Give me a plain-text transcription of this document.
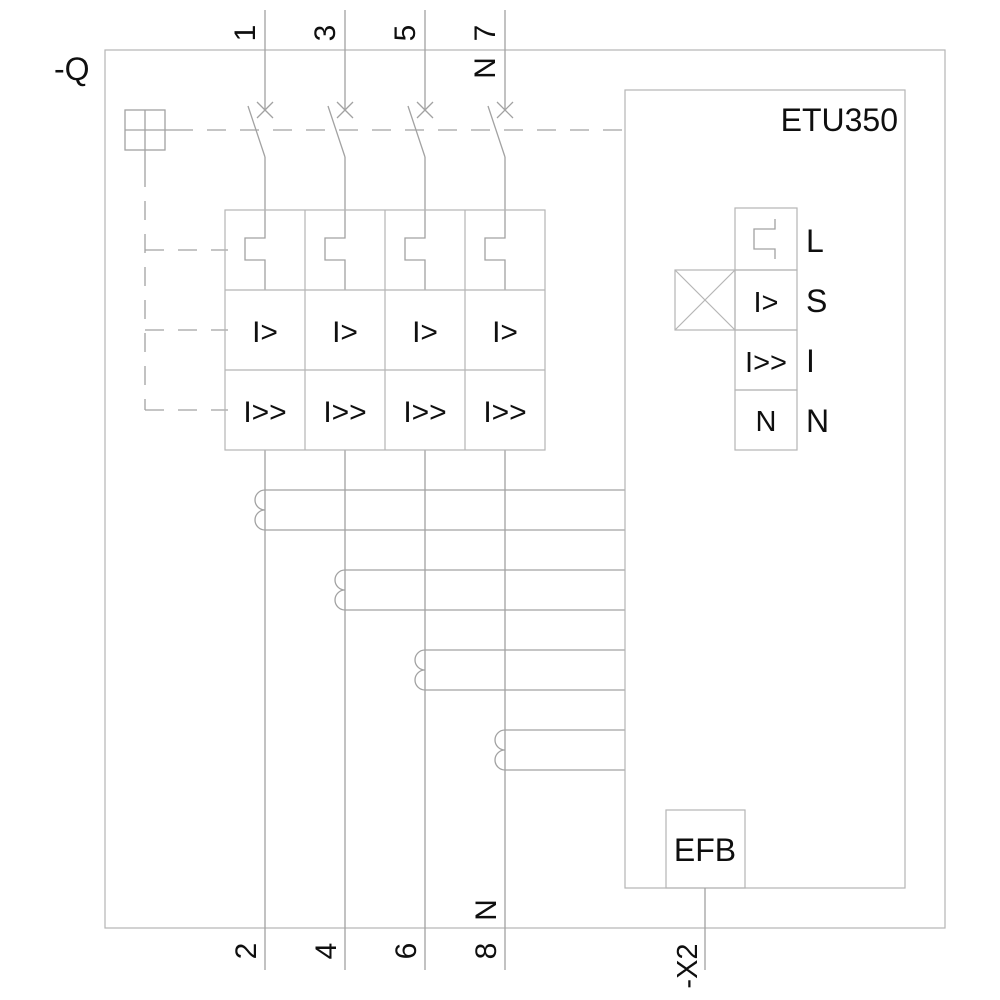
-Q
1 3 5 7
N
2 4 6 8
N
I> I> I> I>
I>> I>> I>> I>>
ETU350
I>
I>>
N
L
S
I
N
EFB
-X2
